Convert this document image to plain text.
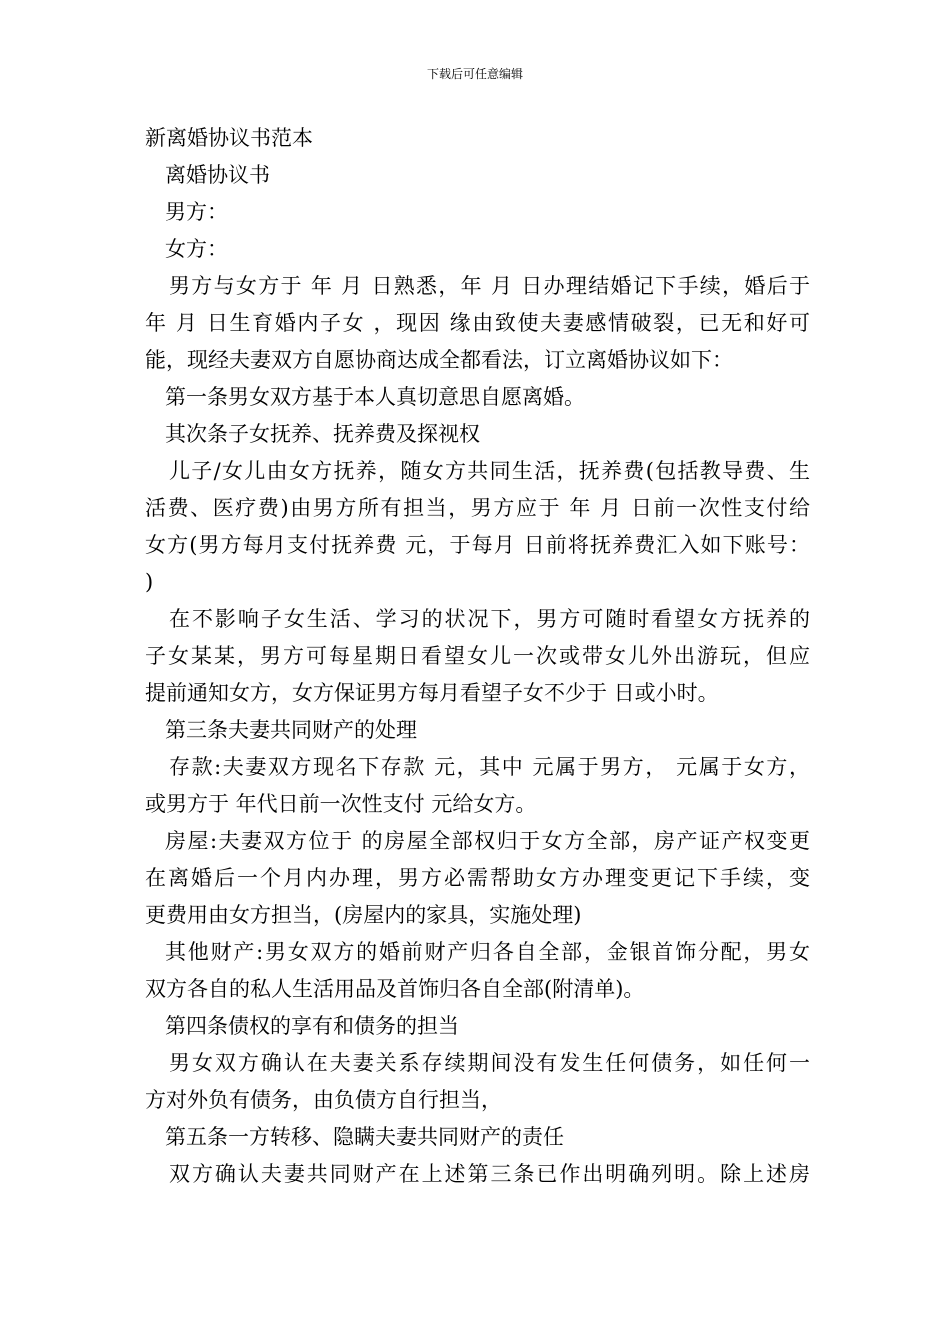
下载后可任意编辑
新离婚协议书范本
离婚协议书
男方：
女方：
男方与女方于 年 月 日熟悉，年 月 日办理结婚记下手续，婚后于
年 月 日生育婚内子女 ，现因 缘由致使夫妻感情破裂，已无和好可
能，现经夫妻双方自愿协商达成全都看法，订立离婚协议如下：
第一条男女双方基于本人真切意思自愿离婚。
其次条子女抚养、抚养费及探视权
儿子/女儿由女方抚养，随女方共同生活，抚养费(包括教导费、生
活费、医疗费)由男方所有担当，男方应于 年 月 日前一次性支付给
女方(男方每月支付抚养费 元，于每月 日前将抚养费汇入如下账号：
)
在不影响子女生活、学习的状况下，男方可随时看望女方抚养的
子女某某，男方可每星期日看望女儿一次或带女儿外出游玩，但应
提前通知女方，女方保证男方每月看望子女不少于 日或小时。
第三条夫妻共同财产的处理
存款:夫妻双方现名下存款 元，其中 元属于男方， 元属于女方，
或男方于 年代日前一次性支付 元给女方。
房屋:夫妻双方位于 的房屋全部权归于女方全部，房产证产权变更
在离婚后一个月内办理，男方必需帮助女方办理变更记下手续，变
更费用由女方担当，(房屋内的家具，实施处理)
其他财产:男女双方的婚前财产归各自全部，金银首饰分配，男女
双方各自的私人生活用品及首饰归各自全部(附清单)。
第四条债权的享有和债务的担当
男女双方确认在夫妻关系存续期间没有发生任何债务，如任何一
方对外负有债务，由负债方自行担当，
第五条一方转移、隐瞒夫妻共同财产的责任
双方确认夫妻共同财产在上述第三条已作出明确列明。除上述房
